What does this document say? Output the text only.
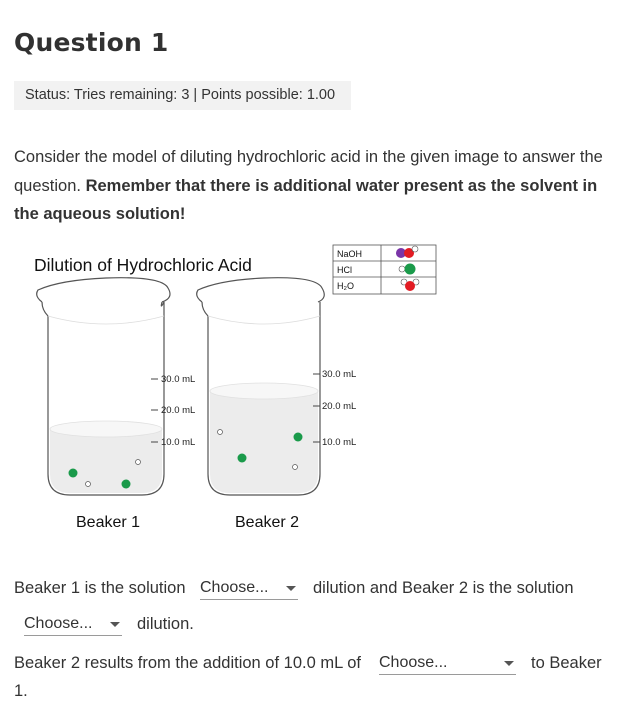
Question 1
Status: Tries remaining: 3 | Points possible: 1.00
Consider the model of diluting hydrochloric acid in the given image to answer the question. Remember that there is additional water present as the solvent in the aqueous solution!
Dilution of Hydrochloric Acid
NaOH
HCl
H₂O
30.0 mL
20.0 mL
10.0 mL
Beaker 1
30.0 mL
20.0 mL
10.0 mL
Beaker 2
Beaker 1 is the solution Choose...	dilution and Beaker 2 is the solution
Choose...	dilution.
Beaker 2 results from the addition of 10.0 mL of Choose...	to Beaker
1.
